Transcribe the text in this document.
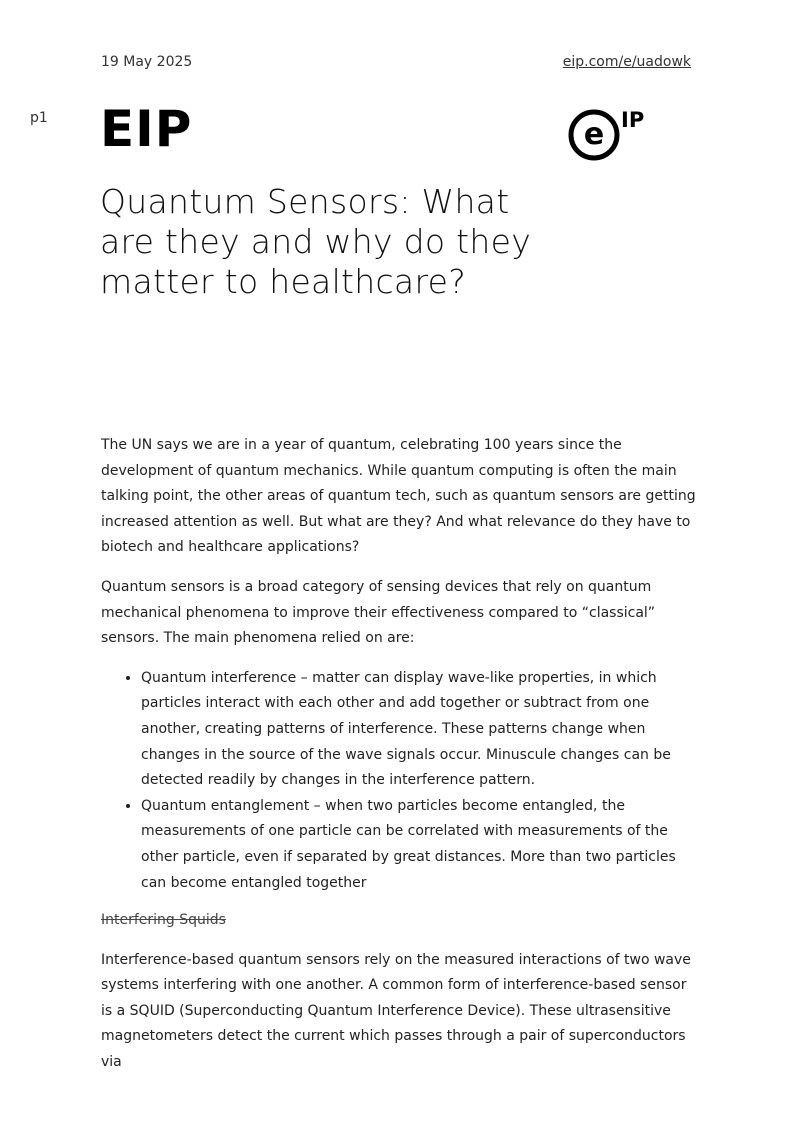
19 May 2025	eip.com/e/uadowk
p1 EIP	e IP
Quantum Sensors: What are they and why do they matter to healthcare?

The UN says we are in a year of quantum, celebrating 100 years since the development of quantum mechanics. While quantum computing is often the main talking point, the other areas of quantum tech, such as quantum sensors are getting increased attention as well. But what are they? And what relevance do they have to biotech and healthcare applications?

Quantum sensors is a broad category of sensing devices that rely on quantum mechanical phenomena to improve their effectiveness compared to “classical” sensors. The main phenomena relied on are:

• Quantum interference – matter can display wave-like properties, in which particles interact with each other and add together or subtract from one another, creating patterns of interference. These patterns change when changes in the source of the wave signals occur. Minuscule changes can be detected readily by changes in the interference pattern.
• Quantum entanglement – when two particles become entangled, the measurements of one particle can be correlated with measurements of the other particle, even if separated by great distances. More than two particles can become entangled together
Interfering Squids

Interference-based quantum sensors rely on the measured interactions of two wave systems interfering with one another. A common form of interference-based sensor is a SQUID (Superconducting Quantum Interference Device). These ultrasensitive magnetometers detect the current which passes through a pair of superconductors via
